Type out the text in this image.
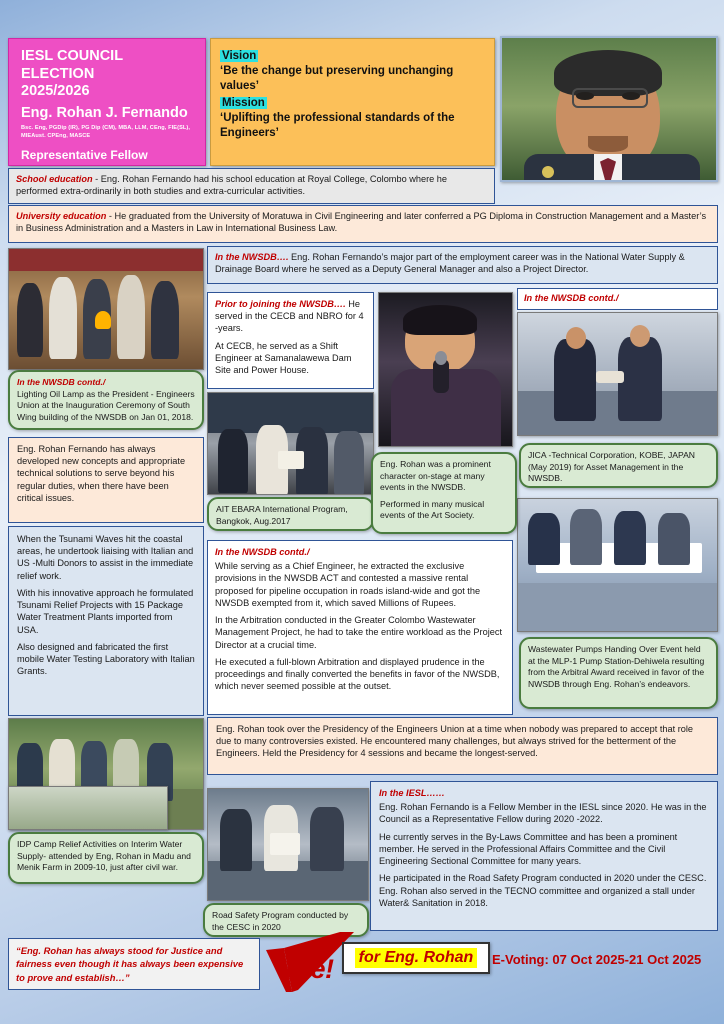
IESL COUNCIL ELECTION
2025/2026
Eng. Rohan J. Fernando
Bsc. Eng, PGDip (IR), PG Dip (CM), MBA, LLM, CEng, FIE(SL), MIEAust. CPEng, MASCE
Representative Fellow
Vision
‘Be the change but preserving unchanging values’
Mission
‘Uplifting the professional standards of the Engineers’
School education - Eng. Rohan Fernando had his school education at Royal College, Colombo where he performed extra-ordinarily in both studies and extra-curricular activities.
University education - He graduated from the University of Moratuwa in Civil Engineering and later conferred a PG Diploma in Construction Management and a Master’s in Business Administration and a Masters in Law in International Business Law.
In the NWSDB…. Eng. Rohan Fernando’s major part of the employment career was in the National Water Supply & Drainage Board where he served as a Deputy General Manager and also a Project Director.
In the NWSDB contd./
Lighting Oil Lamp as the President - Engineers Union at the Inauguration Ceremony of South Wing building of the NWSDB on Jan 01, 2018.
AIT EBARA International Program, Bangkok, Aug.2017
Eng. Rohan was a prominent character on-stage at many events in the NWSDB.
Performed in many musical events of the Art Society.
JICA -Technical Corporation, KOBE, JAPAN (May 2019) for Asset Management in the NWSDB.
Wastewater Pumps Handing Over Event held at the MLP-1 Pump Station-Dehiwela resulting from the Arbitral Award received in favor of the NWSDB through Eng. Rohan’s endeavors.
IDP Camp Relief Activities on Interim Water Supply- attended by Eng, Rohan in Madu and Menik Farm in 2009-10, just after civil war.
Road Safety Program conducted by the CESC in 2020
In the NWSDB contd./

Prior to joining the NWSDB…. He served in the CECB and NBRO for 4 -years.

At CECB, he served as a Shift Engineer at Samanalawewa Dam Site and Power House.

Eng. Rohan Fernando has always developed new concepts and appropriate technical solutions to serve beyond his regular duties, when there have been critical issues.

When the Tsunami Waves hit the coastal areas, he undertook liaising with Italian and US -Multi Donors to assist in the immediate relief work.

With his innovative approach he formulated Tsunami Relief Projects with 15 Package Water Treatment Plants imported from USA.

Also designed and fabricated the first mobile Water Testing Laboratory with Italian Grants.

In the NWSDB contd./

While serving as a Chief Engineer, he extracted the exclusive provisions in the NWSDB ACT and contested a massive rental proposed for pipeline occupation in roads island-wide and got the NWSDB exempted from it, which saved Millions of Rupees.

In the Arbitration conducted in the Greater Colombo Wastewater Management Project, he had to take the entire workload as the Project Director at a crucial time.

He executed a full-blown Arbitration and displayed prudence in the proceedings and finally converted the benefits in favor of the NWSDB, which never seemed possible at the outset.

Eng. Rohan took over the Presidency of the Engineers Union at a time when nobody was prepared to accept that role due to many controversies existed. He encountered many challenges, but always strived for the betterment of the Engineers. Held the Presidency for 4 sessions and became the longest-served.
In the IESL……

Eng. Rohan Fernando is a Fellow Member in the IESL since 2020. He was in the Council as a Representative Fellow during 2020 -2022.

He currently serves in the By-Laws Committee and has been a prominent member. He served in the Professional Affairs Committee and the Civil Engineering Sectional Committee for many years.

He participated in the Road Safety Program conducted in 2020 under the CESC. Eng. Rohan also served in the TECNO committee and organized a stall under Water& Sanitation in 2018.

“Eng. Rohan has always stood for Justice and fairness even though it has always been expensive to prove and establish…”	ote! for Eng. Rohan	E-Voting: 07 Oct 2025-21 Oct 2025
